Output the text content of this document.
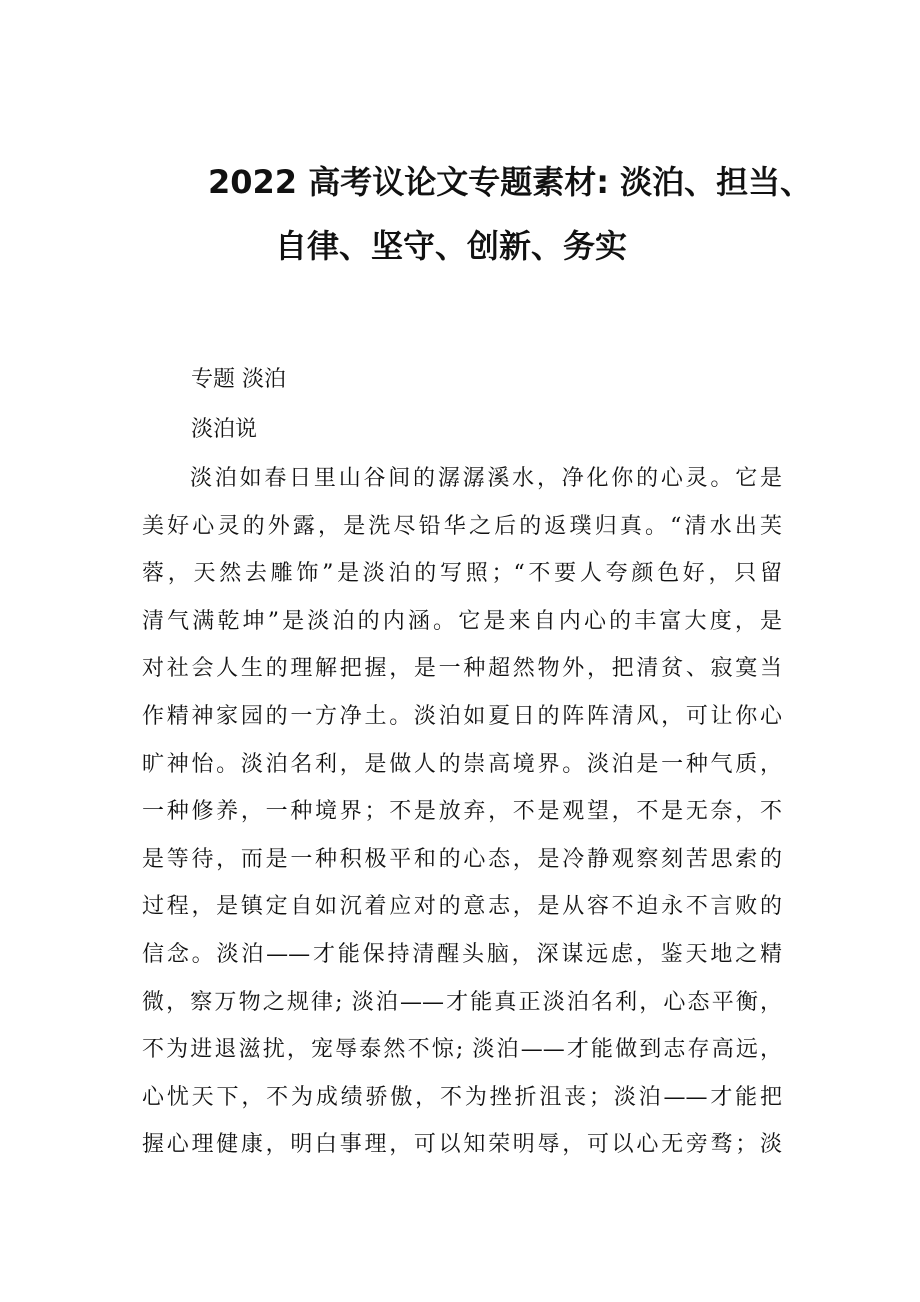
2022 高考议论文专题素材: 淡泊、担当、
自律、坚守、创新、务实
专题 淡泊
淡泊说
淡泊如春日里山谷间的潺潺溪水，净化你的心灵。它是
美好心灵的外露，是洗尽铅华之后的返璞归真。“清水出芙
蓉，天然去雕饰”是淡泊的写照；“不要人夸颜色好，只留
清气满乾坤”是淡泊的内涵。它是来自内心的丰富大度，是
对社会人生的理解把握，是一种超然物外，把清贫、寂寞当
作精神家园的一方净土。淡泊如夏日的阵阵清风，可让你心
旷神怡。淡泊名利，是做人的崇高境界。淡泊是一种气质，
一种修养，一种境界；不是放弃，不是观望，不是无奈，不
是等待，而是一种积极平和的心态，是冷静观察刻苦思索的
过程，是镇定自如沉着应对的意志，是从容不迫永不言败的
信念。淡泊——才能保持清醒头脑，深谋远虑，鉴天地之精
微，察万物之规律; 淡泊——才能真正淡泊名利，心态平衡，
不为进退滋扰，宠辱泰然不惊; 淡泊——才能做到志存高远，
心忧天下，不为成绩骄傲，不为挫折沮丧；淡泊——才能把
握心理健康，明白事理，可以知荣明辱，可以心无旁骛；淡
